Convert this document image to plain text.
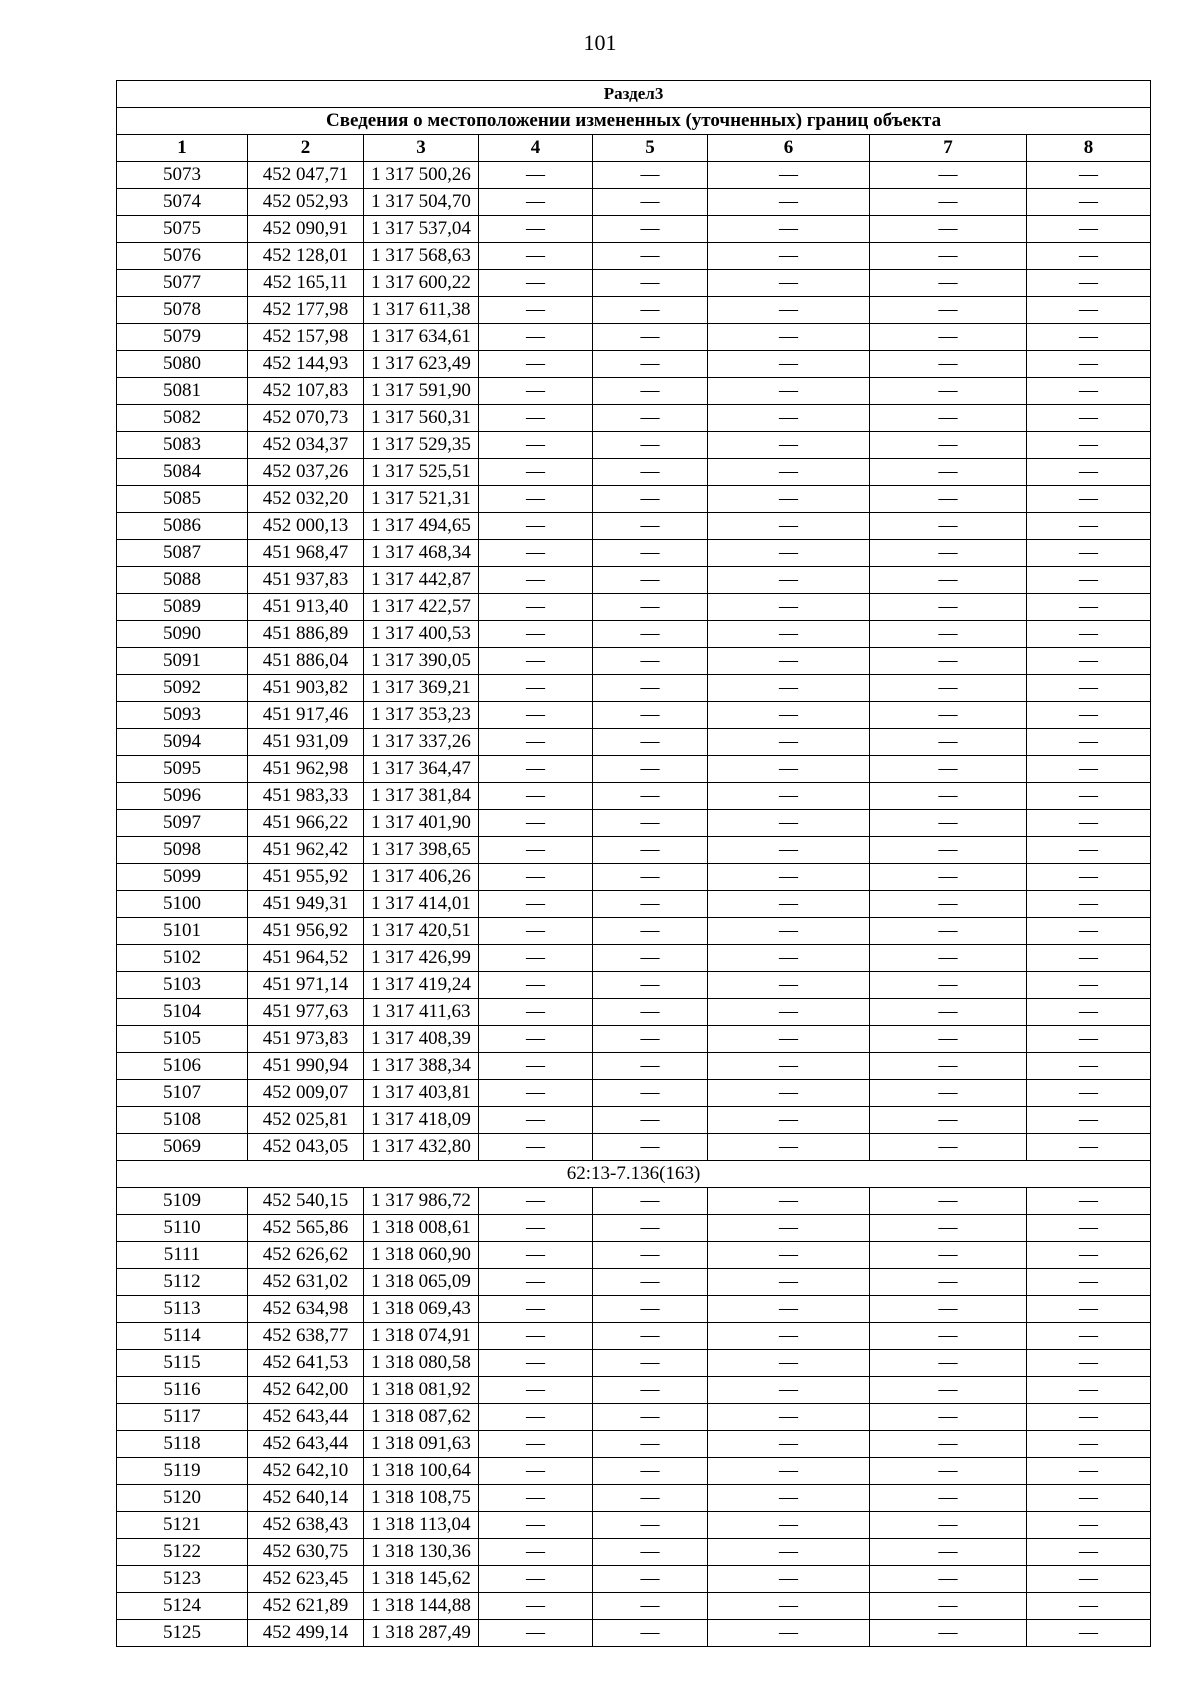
101
Раздел3							
Сведения о местоположении измененных (уточненных) границ объекта							
1	2	3	4	5	6	7	8
5073	452 047,71	1 317 500,26	—	—	—	—	—
5074	452 052,93	1 317 504,70	—	—	—	—	—
5075	452 090,91	1 317 537,04	—	—	—	—	—
5076	452 128,01	1 317 568,63	—	—	—	—	—
5077	452 165,11	1 317 600,22	—	—	—	—	—
5078	452 177,98	1 317 611,38	—	—	—	—	—
5079	452 157,98	1 317 634,61	—	—	—	—	—
5080	452 144,93	1 317 623,49	—	—	—	—	—
5081	452 107,83	1 317 591,90	—	—	—	—	—
5082	452 070,73	1 317 560,31	—	—	—	—	—
5083	452 034,37	1 317 529,35	—	—	—	—	—
5084	452 037,26	1 317 525,51	—	—	—	—	—
5085	452 032,20	1 317 521,31	—	—	—	—	—
5086	452 000,13	1 317 494,65	—	—	—	—	—
5087	451 968,47	1 317 468,34	—	—	—	—	—
5088	451 937,83	1 317 442,87	—	—	—	—	—
5089	451 913,40	1 317 422,57	—	—	—	—	—
5090	451 886,89	1 317 400,53	—	—	—	—	—
5091	451 886,04	1 317 390,05	—	—	—	—	—
5092	451 903,82	1 317 369,21	—	—	—	—	—
5093	451 917,46	1 317 353,23	—	—	—	—	—
5094	451 931,09	1 317 337,26	—	—	—	—	—
5095	451 962,98	1 317 364,47	—	—	—	—	—
5096	451 983,33	1 317 381,84	—	—	—	—	—
5097	451 966,22	1 317 401,90	—	—	—	—	—
5098	451 962,42	1 317 398,65	—	—	—	—	—
5099	451 955,92	1 317 406,26	—	—	—	—	—
5100	451 949,31	1 317 414,01	—	—	—	—	—
5101	451 956,92	1 317 420,51	—	—	—	—	—
5102	451 964,52	1 317 426,99	—	—	—	—	—
5103	451 971,14	1 317 419,24	—	—	—	—	—
5104	451 977,63	1 317 411,63	—	—	—	—	—
5105	451 973,83	1 317 408,39	—	—	—	—	—
5106	451 990,94	1 317 388,34	—	—	—	—	—
5107	452 009,07	1 317 403,81	—	—	—	—	—
5108	452 025,81	1 317 418,09	—	—	—	—	—
5069	452 043,05	1 317 432,80	—	—	—	—	—
62:13-7.136(163)							
5109	452 540,15	1 317 986,72	—	—	—	—	—
5110	452 565,86	1 318 008,61	—	—	—	—	—
5111	452 626,62	1 318 060,90	—	—	—	—	—
5112	452 631,02	1 318 065,09	—	—	—	—	—
5113	452 634,98	1 318 069,43	—	—	—	—	—
5114	452 638,77	1 318 074,91	—	—	—	—	—
5115	452 641,53	1 318 080,58	—	—	—	—	—
5116	452 642,00	1 318 081,92	—	—	—	—	—
5117	452 643,44	1 318 087,62	—	—	—	—	—
5118	452 643,44	1 318 091,63	—	—	—	—	—
5119	452 642,10	1 318 100,64	—	—	—	—	—
5120	452 640,14	1 318 108,75	—	—	—	—	—
5121	452 638,43	1 318 113,04	—	—	—	—	—
5122	452 630,75	1 318 130,36	—	—	—	—	—
5123	452 623,45	1 318 145,62	—	—	—	—	—
5124	452 621,89	1 318 144,88	—	—	—	—	—
5125	452 499,14	1 318 287,49	—	—	—	—	—
